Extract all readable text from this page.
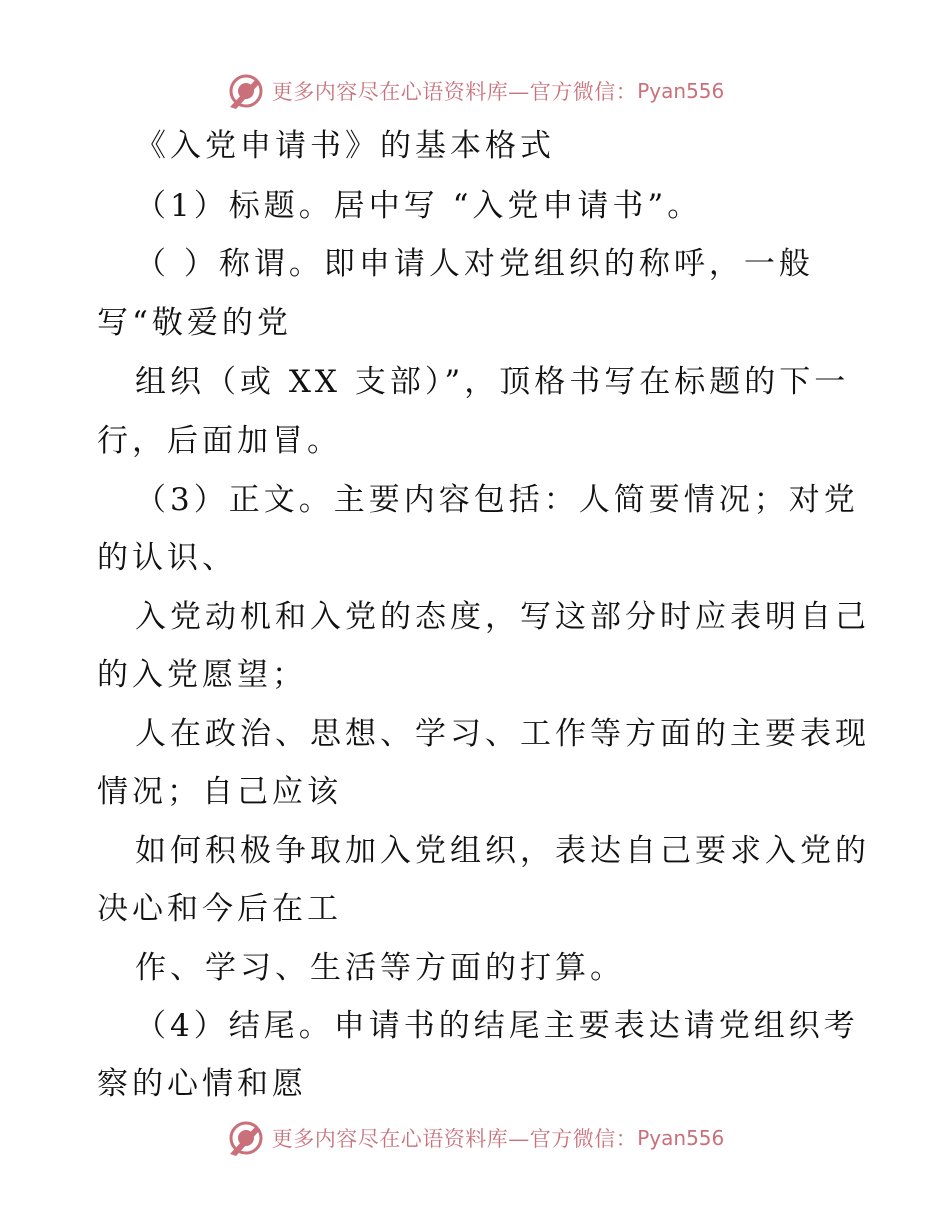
更多内容尽在心语资料库—官方微信： Pyan556
《入党申请书》的基本格式
（1）标题。居中写 “入党申请书”。
（ ）称谓。即申请人对党组织的称呼，一般
写“敬爱的党
组织（或 XX 支部）”，顶格书写在标题的下一
行，后面加冒。
（3）正文。主要内容包括：人简要情况；对党
的认识、
入党动机和入党的态度，写这部分时应表明自己
的入党愿望；
人在政治、思想、学习、工作等方面的主要表现
情况；自己应该
如何积极争取加入党组织，表达自己要求入党的
决心和今后在工
作、学习、生活等方面的打算。
（4）结尾。申请书的结尾主要表达请党组织考
察的心情和愿
更多内容尽在心语资料库—官方微信： Pyan556
